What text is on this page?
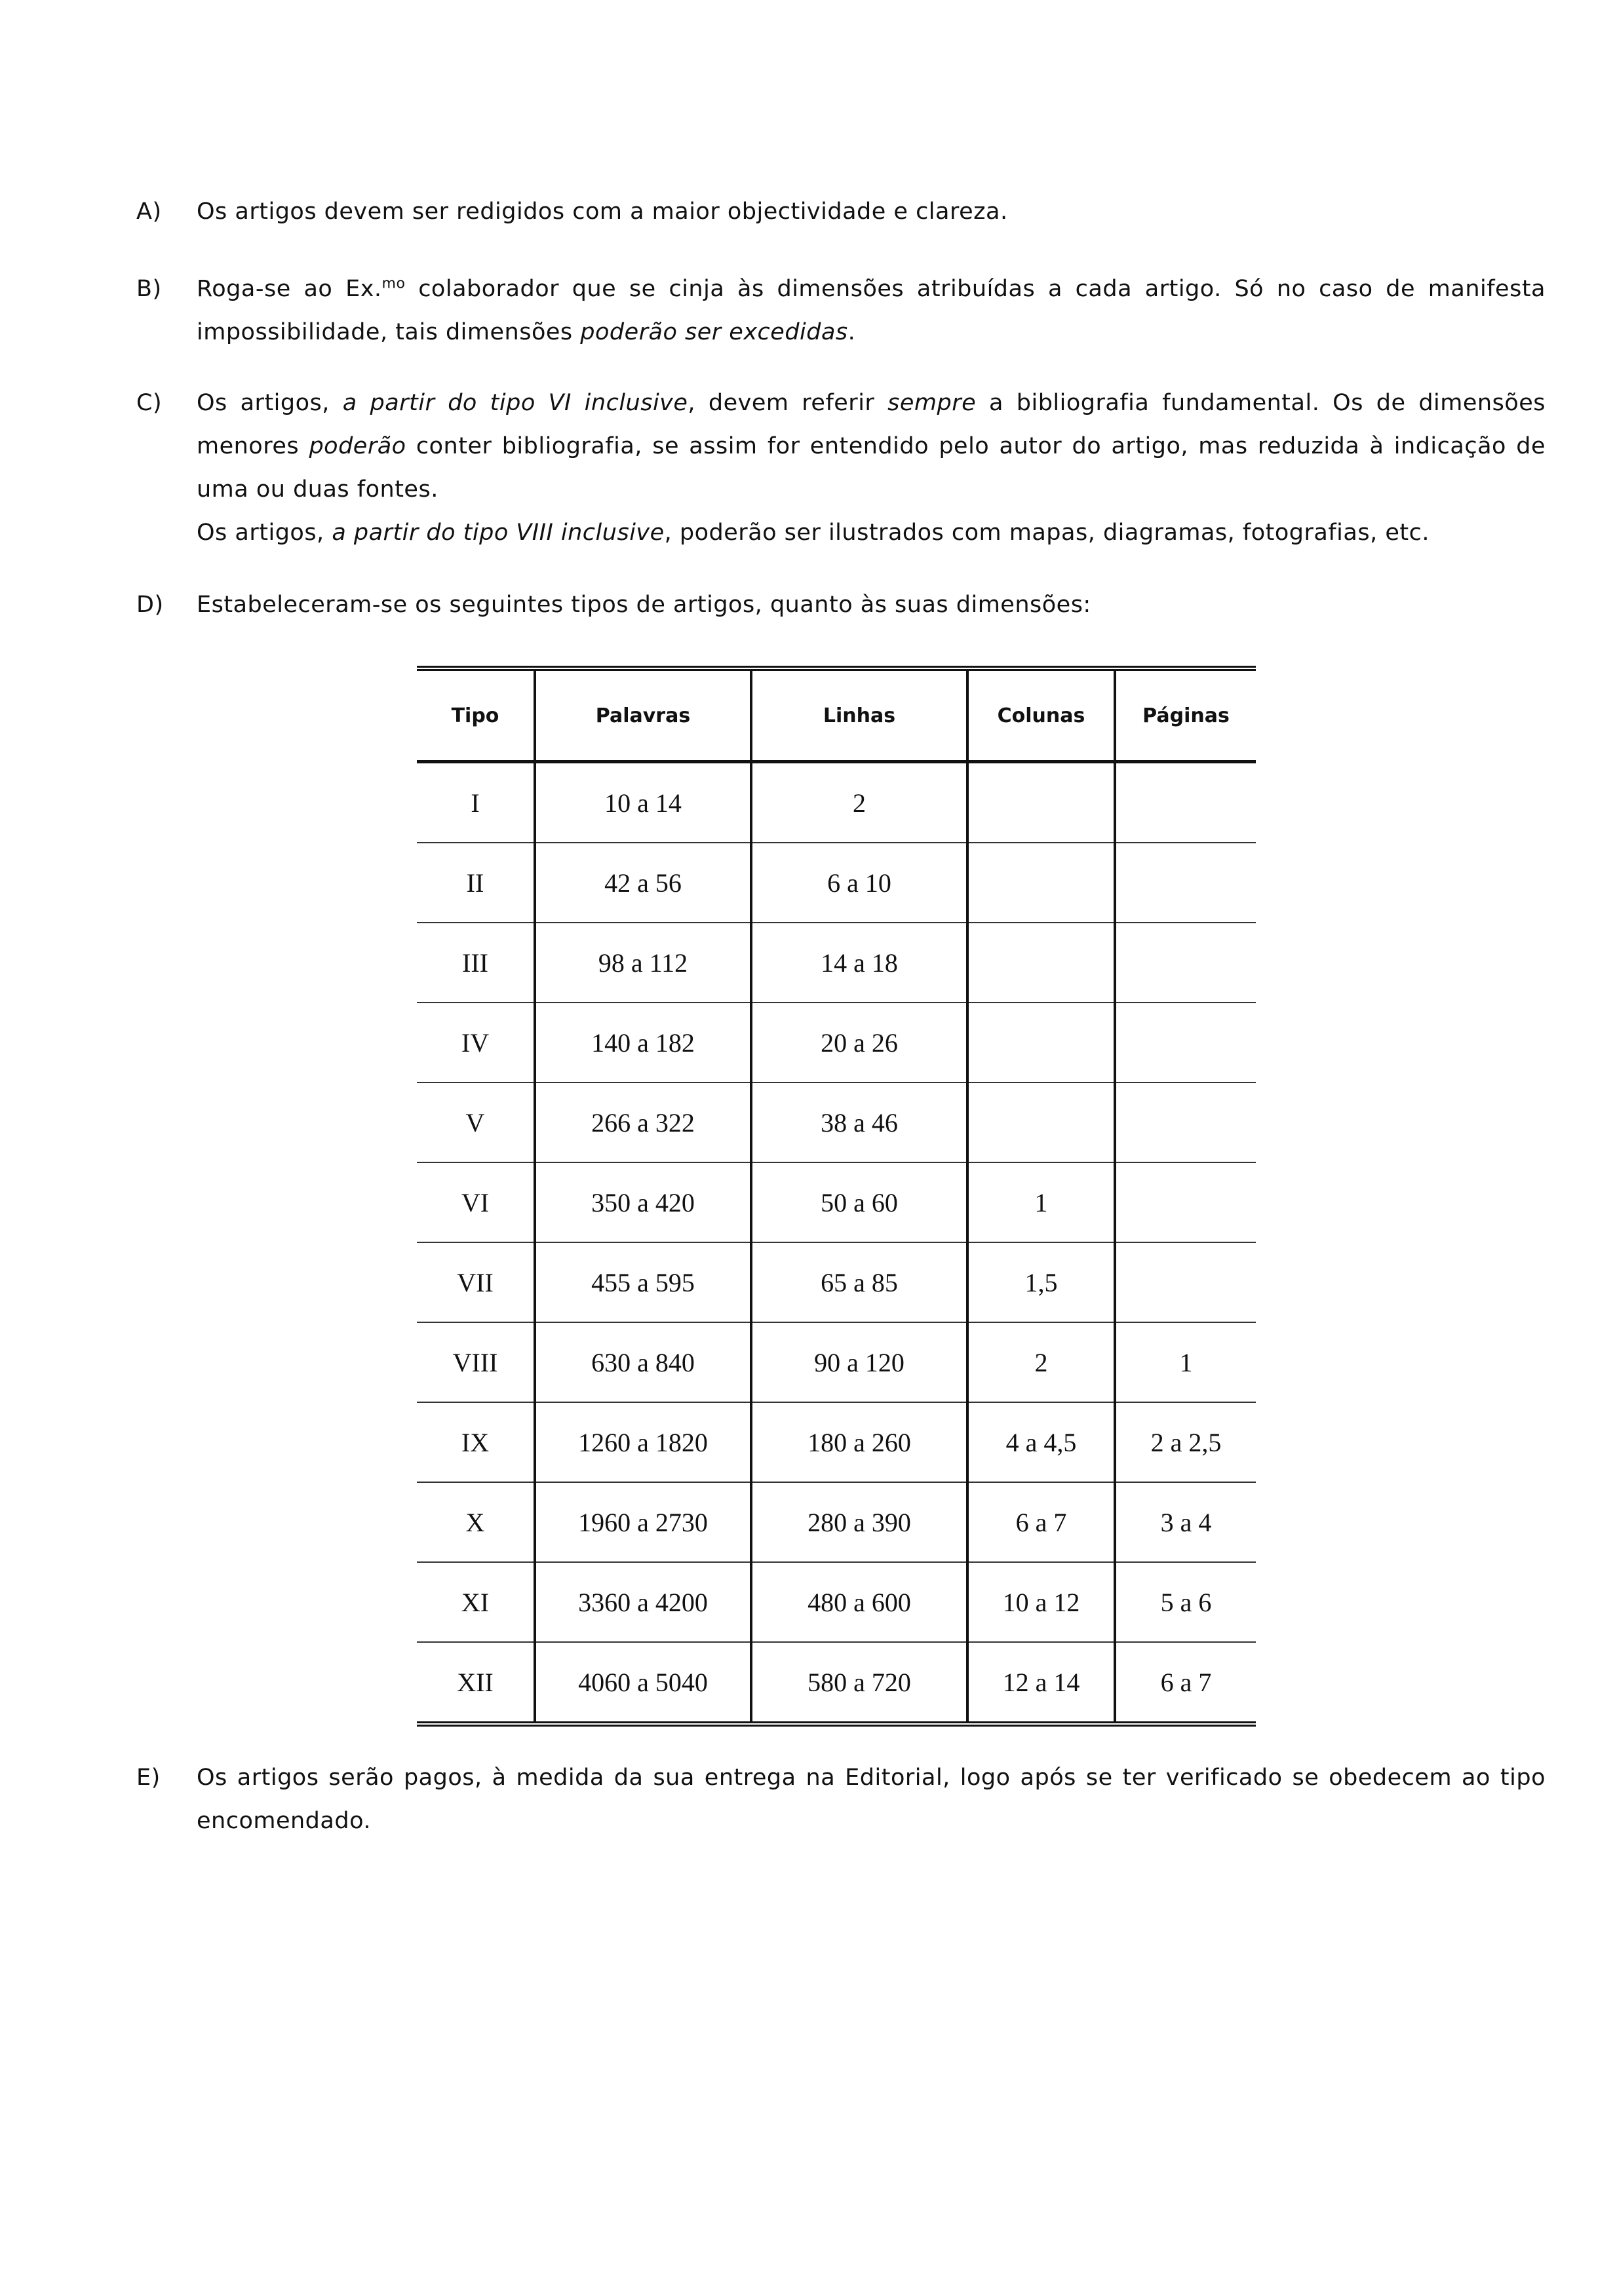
A) Os artigos devem ser redigidos com a maior objectividade e clareza.

B) Roga-se ao Ex.$^{mo}$ colaborador que se cinja às dimensões atribuídas a cada artigo. Só no caso de manifesta impossibilidade, tais dimensões poderão ser excedidas.

C) Os artigos, a partir do tipo VI inclusive, devem referir sempre a bibliografia fundamental. Os de dimensões menores poderão conter bibliografia, se assim for entendido pelo autor do artigo, mas reduzida à indicação de uma ou duas fontes.

Os artigos, a partir do tipo VIII inclusive, poderão ser ilustrados com mapas, diagramas, fotografias, etc.

D) Estabeleceram-se os seguintes tipos de artigos, quanto às suas dimensões:

Tipo	Palavras	Linhas	Colunas	Páginas
I	10 a 14	2		
II	42 a 56	6 a 10		
III	98 a 112	14 a 18		
IV	140 a 182	20 a 26		
V	266 a 322	38 a 46		
VI	350 a 420	50 a 60	1	
VII	455 a 595	65 a 85	1,5	
VIII	630 a 840	90 a 120	2	1
IX	1260 a 1820	180 a 260	4 a 4,5	2 a 2,5
X	1960 a 2730	280 a 390	6 a 7	3 a 4
XI	3360 a 4200	480 a 600	10 a 12	5 a 6
XII	4060 a 5040	580 a 720	12 a 14	6 a 7
E) Os artigos serão pagos, à medida da sua entrega na Editorial, logo após se ter verificado se obedecem ao tipo encomendado.
